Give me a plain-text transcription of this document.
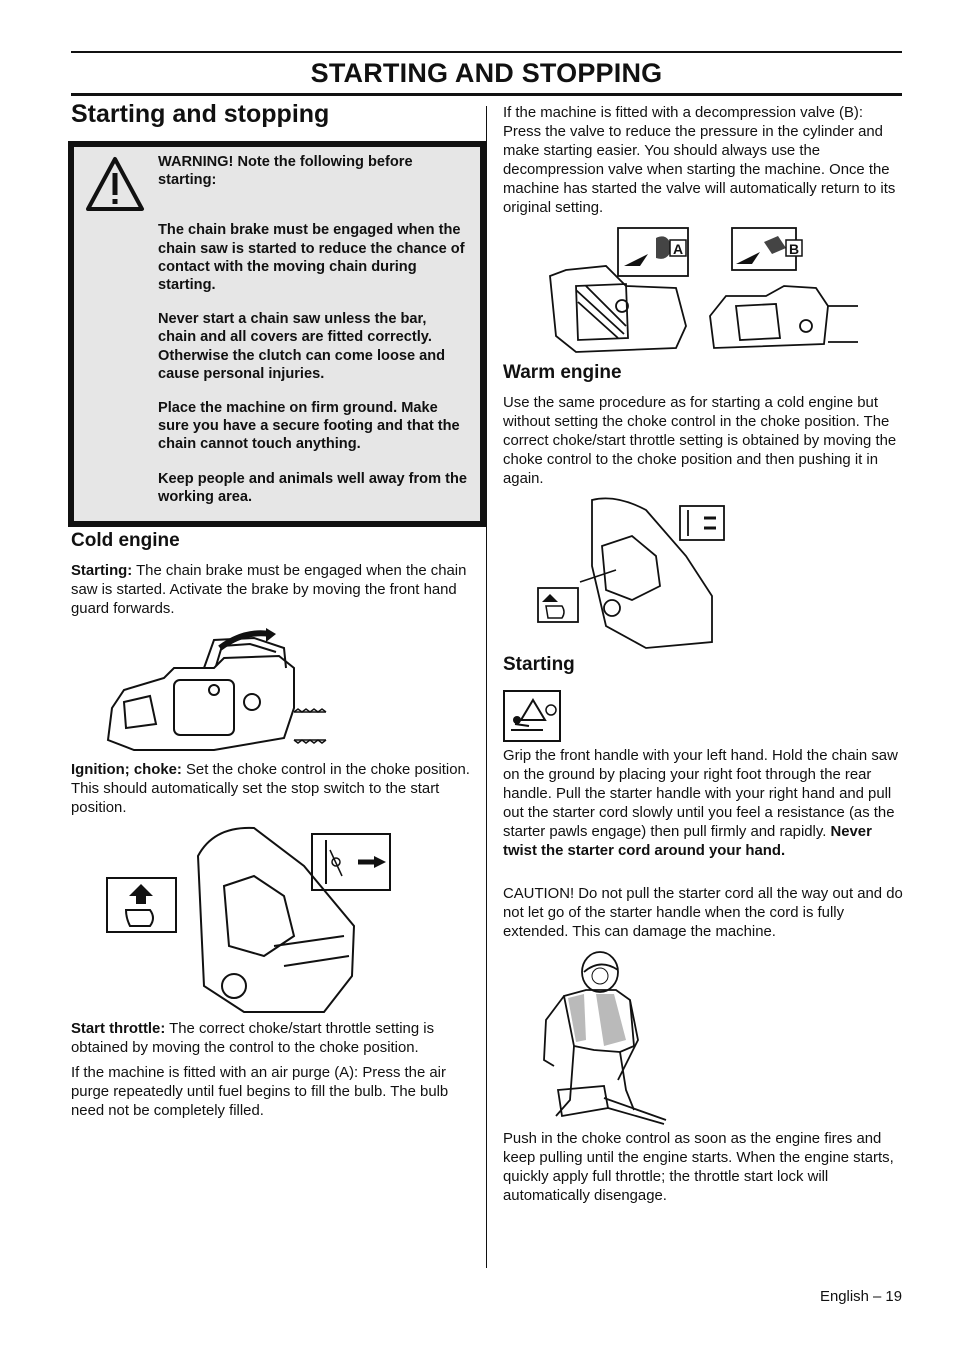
STARTING AND STOPPING
Starting and stopping
WARNING! Note the following before starting:
The chain brake must be engaged when the chain saw is started to reduce the chance of contact with the moving chain during starting.
Never start a chain saw unless the bar, chain and all covers are fitted correctly. Otherwise the clutch can come loose and cause personal injuries.
Place the machine on firm ground. Make sure you have a secure footing and that the chain cannot touch anything.
Keep people and animals well away from the working area.
Cold engine

Starting: The chain brake must be engaged when the chain saw is started. Activate the brake by moving the front hand guard forwards.

Ignition; choke: Set the choke control in the choke position. This should automatically set the stop switch to the start position.

Start throttle: The correct choke/start throttle setting is obtained by moving the control to the choke position.

If the machine is fitted with an air purge (A): Press the air purge repeatedly until fuel begins to fill the bulb. The bulb need not be completely filled.

If the machine is fitted with a decompression valve (B): Press the valve to reduce the pressure in the cylinder and make starting easier. You should always use the decompression valve when starting the machine. Once the machine has started the valve will automatically return to its original setting.

A	B
Warm engine

Use the same procedure as for starting a cold engine but without setting the choke control in the choke position. The correct choke/start throttle setting is obtained by moving the choke control to the choke position and then pushing it in again.

Starting

Grip the front handle with your left hand. Hold the chain saw on the ground by placing your right foot through the rear handle. Pull the starter handle with your right hand and pull out the starter cord slowly until you feel a resistance (as the starter pawls engage) then pull firmly and rapidly. Never twist the starter cord around your hand.

CAUTION! Do not pull the starter cord all the way out and do not let go of the starter handle when the cord is fully extended. This can damage the machine.

Push in the choke control as soon as the engine fires and keep pulling until the engine starts. When the engine starts, quickly apply full throttle; the throttle start lock will automatically disengage.

English – 19
